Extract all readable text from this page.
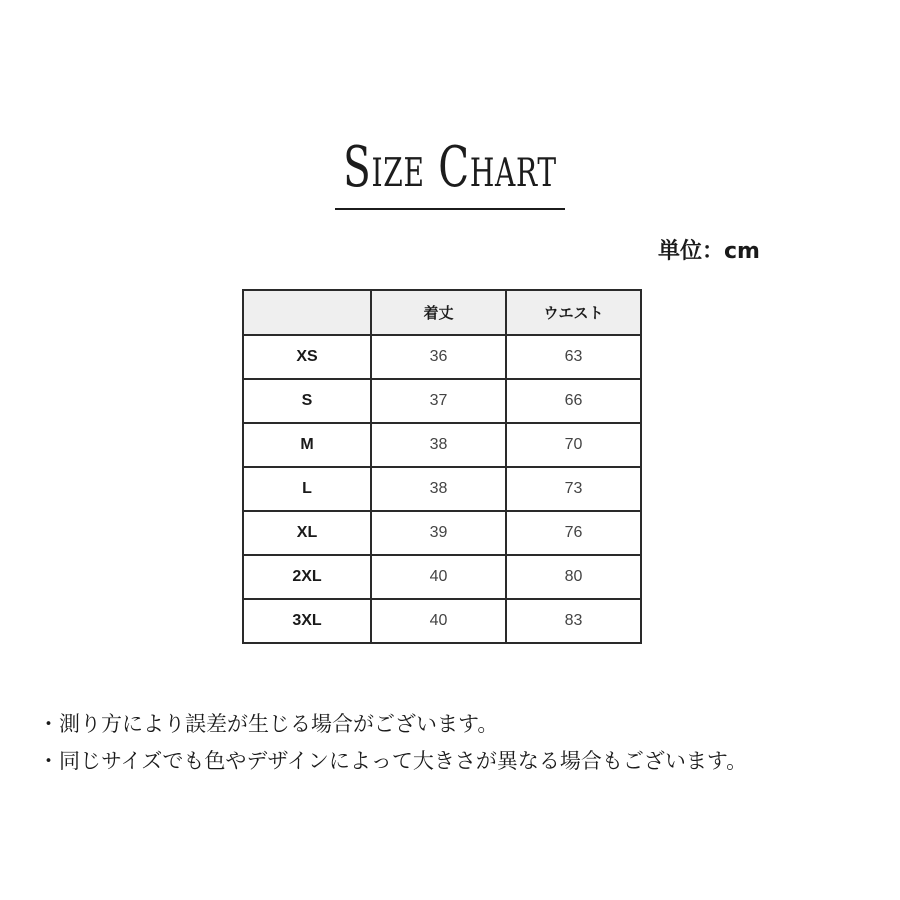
Size Chart
単位：cm
	着丈	ウエスト
XS	36	63
S	37	66
M	38	70
L	38	73
XL	39	76
2XL	40	80
3XL	40	83
・測り方により誤差が生じる場合がございます。
・同じサイズでも色やデザインによって大きさが異なる場合もございます。
